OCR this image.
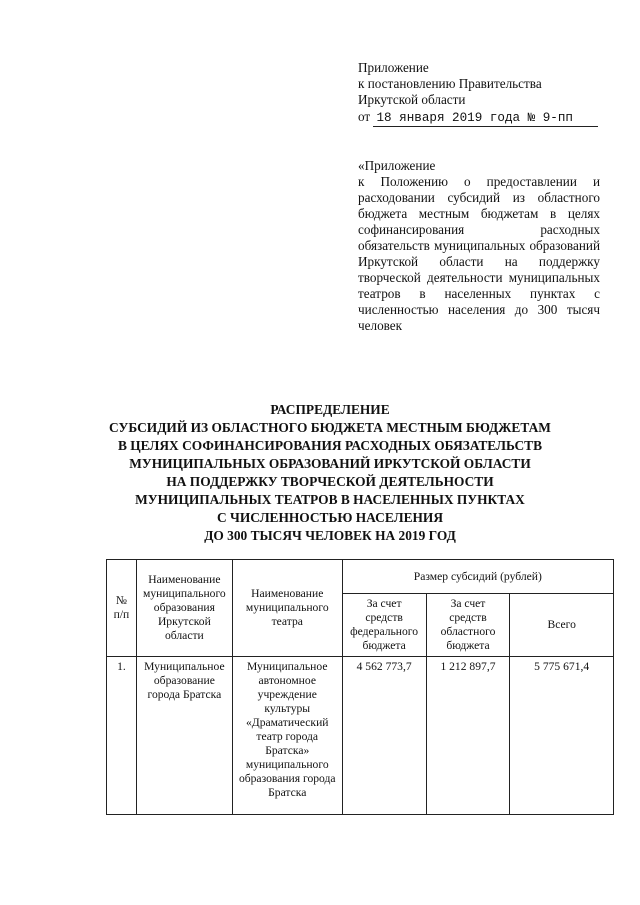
Приложение
к постановлению Правительства
Иркутской области
от 18 января 2019 года № 9-пп
«Приложение
к Положению о предоставлении и расходовании субсидий из областного бюджета местным бюджетам в целях софинансирования расходных обязательств муниципальных образований Иркутской области на поддержку творческой деятельности муниципальных театров в населенных пунктах с численностью населения до 300 тысяч человек
РАСПРЕДЕЛЕНИЕ
СУБСИДИЙ ИЗ ОБЛАСТНОГО БЮДЖЕТА МЕСТНЫМ БЮДЖЕТАМ
В ЦЕЛЯХ СОФИНАНСИРОВАНИЯ РАСХОДНЫХ ОБЯЗАТЕЛЬСТВ
МУНИЦИПАЛЬНЫХ ОБРАЗОВАНИЙ ИРКУТСКОЙ ОБЛАСТИ
НА ПОДДЕРЖКУ ТВОРЧЕСКОЙ ДЕЯТЕЛЬНОСТИ
МУНИЦИПАЛЬНЫХ ТЕАТРОВ В НАСЕЛЕННЫХ ПУНКТАХ
С ЧИСЛЕННОСТЬЮ НАСЕЛЕНИЯ
ДО 300 ТЫСЯЧ ЧЕЛОВЕК НА 2019 ГОД
№ п/п	Наименование муниципального образования Иркутской области	Наименование муниципального театра	Размер субсидий (рублей)		
			За счет средств федерального бюджета	За счет средств областного бюджета	Всего
1.	Муниципальное образование города Братска	Муниципальное автономное учреждение культуры «Драматический театр города Братска» муниципального образования города Братска	4 562 773,7	1 212 897,7	5 775 671,4
